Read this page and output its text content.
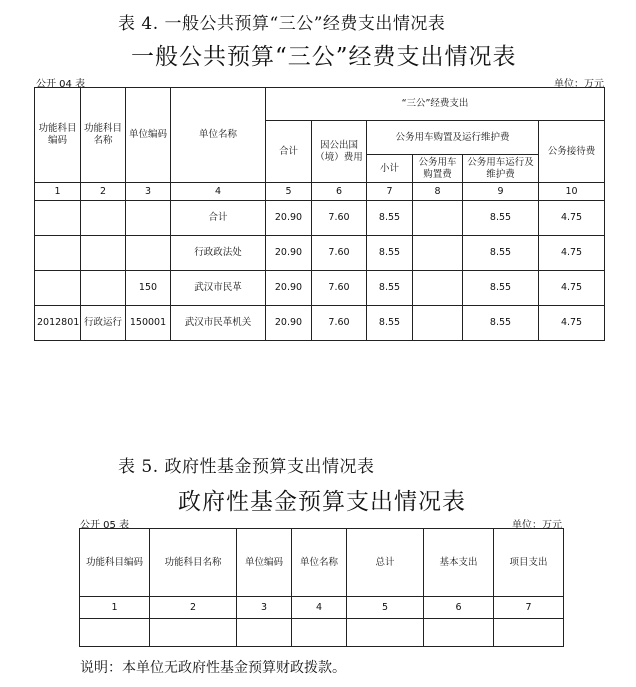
表 4. 一般公共预算“三公”经费支出情况表
一般公共预算“三公”经费支出情况表
公开 04 表	单位：万元
功能科目编码	功能科目名称	单位编码	单位名称	“三公”经费支出					
				合计	因公出国（境）费用	公务用车购置及运行维护费			公务接待费
						小计	公务用车购置费	公务用车运行及维护费	
1	2	3	4	5	6	7	8	9	10
			合计	20.90	7.60	8.55		8.55	4.75
			行政政法处	20.90	7.60	8.55		8.55	4.75
		150	武汉市民革	20.90	7.60	8.55		8.55	4.75
2012801	行政运行	150001	武汉市民革机关	20.90	7.60	8.55		8.55	4.75
表 5. 政府性基金预算支出情况表
政府性基金预算支出情况表
公开 05 表	单位：万元
功能科目编码	功能科目名称	单位编码	单位名称	总计	基本支出	项目支出
1	2	3	4	5	6	7

说明：本单位无政府性基金预算财政拨款。
